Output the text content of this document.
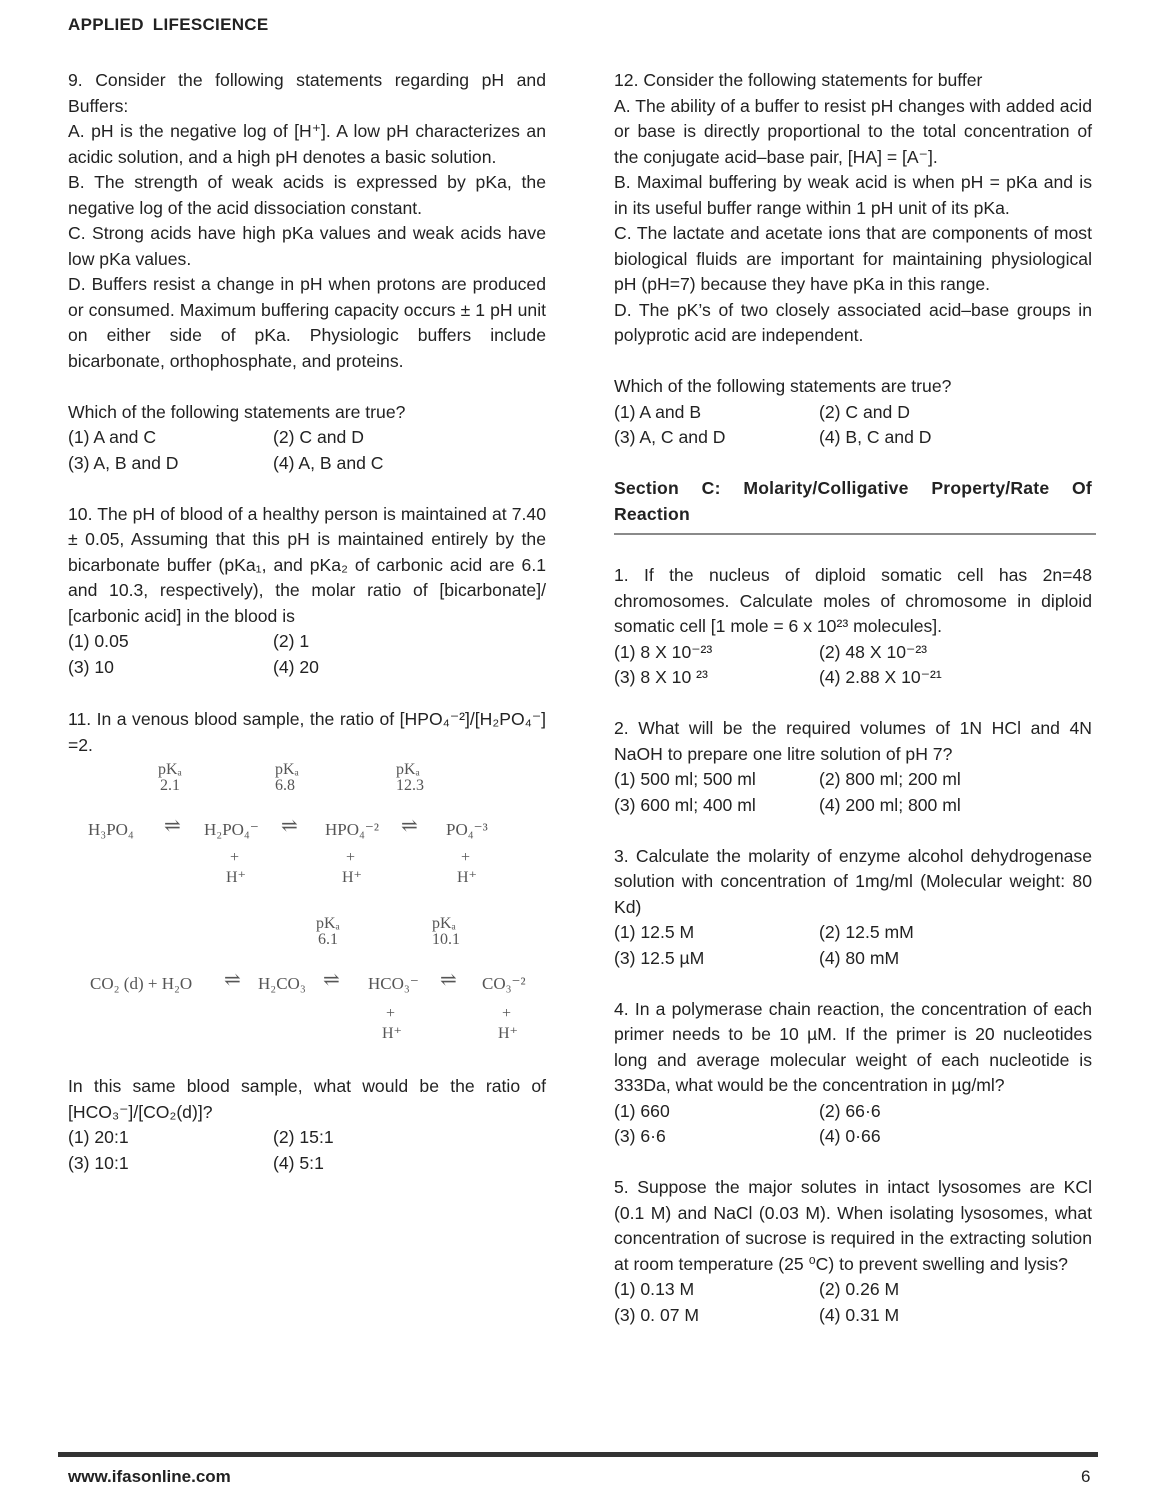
APPLIED LIFESCIENCE

9. Consider the following statements regarding pH and Buffers:

A. pH is the negative log of [H⁺]. A low pH characterizes an acidic solution, and a high pH denotes a basic solution.

B. The strength of weak acids is expressed by pKa, the negative log of the acid dissociation constant.

C. Strong acids have high pKa values and weak acids have low pKa values.

D. Buffers resist a change in pH when protons are produced or consumed. Maximum buffering capacity occurs ± 1 pH unit on either side of pKa. Physiologic buffers include bicarbonate, orthophosphate, and proteins.

Which of the following statements are true?

(1) A and C	(2) C and D
(3) A, B and D	(4) A, B and C

10. The pH of blood of a healthy person is maintained at 7.40 ± 0.05, Assuming that this pH is maintained entirely by the bicarbonate buffer (pKa₁, and pKa₂ of carbonic acid are 6.1 and 10.3, respectively), the molar ratio of [bicarbonate]/ [carbonic acid] in the blood is

(1) 0.05	(2) 1
(3) 10	(4) 20

11. In a venous blood sample, the ratio of [HPO₄⁻²]/[H₂PO₄⁻] =2.

pKₐ
2.1
pKₐ
6.8
pKₐ
12.3
H₃PO₄ ⇌ H₂PO₄⁻ ⇌ HPO₄⁻² ⇌ PO₄⁻³
+
H⁺
+
H⁺
+
H⁺
pKₐ
6.1
pKₐ
10.1
CO₂ (d) + H₂O ⇌ H₂CO₃ ⇌ HCO₃⁻ ⇌ CO₃⁻²
+
H⁺
+
H⁺

In this same blood sample, what would be the ratio of [HCO₃⁻]/[CO₂(d)]?

(1) 20:1	(2) 15:1
(3) 10:1	(4) 5:1

12. Consider the following statements for buffer

A. The ability of a buffer to resist pH changes with added acid or base is directly proportional to the total concentration of the conjugate acid–base pair, [HA] = [A⁻].

B. Maximal buffering by weak acid is when pH = pKa and is in its useful buffer range within 1 pH unit of its pKa.

C. The lactate and acetate ions that are components of most biological fluids are important for maintaining physiological pH (pH=7) because they have pKa in this range.

D. The pK’s of two closely associated acid–base groups in polyprotic acid are independent.

Which of the following statements are true?

(1) A and B	(2) C and D
(3) A, C and D	(4) B, C and D

Section C: Molarity/Colligative Property/Rate Of Reaction

1. If the nucleus of diploid somatic cell has 2n=48 chromosomes. Calculate moles of chromosome in diploid somatic cell [1 mole = 6 x 10²³ molecules].

(1) 8 X 10⁻²³	(2) 48 X 10⁻²³
(3) 8 X 10 ²³	(4) 2.88 X 10⁻²¹

2. What will be the required volumes of 1N HCl and 4N NaOH to prepare one litre solution of pH 7?

(1) 500 ml; 500 ml	(2) 800 ml; 200 ml
(3) 600 ml; 400 ml	(4) 200 ml; 800 ml

3. Calculate the molarity of enzyme alcohol dehydrogenase solution with concentration of 1mg/ml (Molecular weight: 80 Kd)

(1) 12.5 M	(2) 12.5 mM
(3) 12.5 µM	(4) 80 mM

4. In a polymerase chain reaction, the concentration of each primer needs to be 10 µM. If the primer is 20 nucleotides long and average molecular weight of each nucleotide is 333Da, what would be the concentration in µg/ml?

(1) 660	(2) 66·6
(3) 6·6	(4) 0·66

5. Suppose the major solutes in intact lysosomes are KCl (0.1 M) and NaCl (0.03 M). When isolating lysosomes, what concentration of sucrose is required in the extracting solution at room temperature (25 ⁰C) to prevent swelling and lysis?

(1) 0.13 M	(2) 0.26 M
(3) 0. 07 M	(4) 0.31 M
www.ifasonline.com	6
